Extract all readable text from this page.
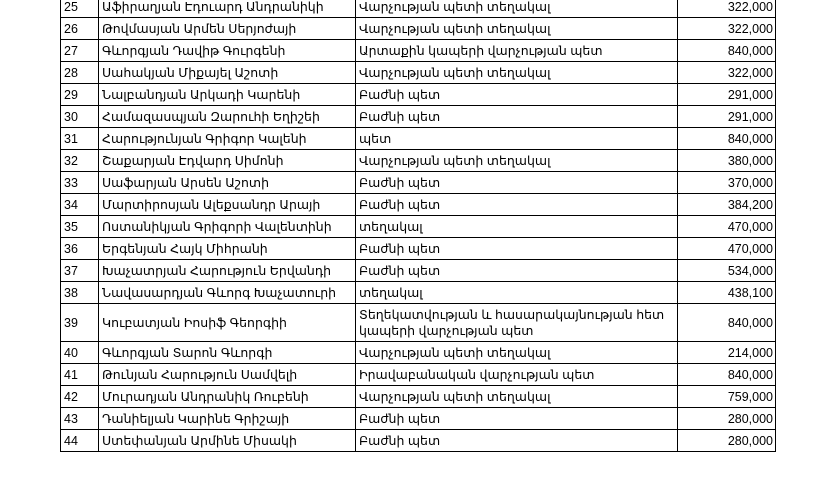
25	Աֆիրաղյան Էդուարդ Անդրանիկի	Վարչության պետի տեղակալ	322,000
26	Թովմասյան Արմեն Սերյոժայի	Վարչության պետի տեղակալ	322,000
27	Գևորգյան Դավիթ Գուրգենի	Արտաքին կապերի վարչության պետ	840,000
28	Սահակյան Միքայել Աշոտի	Վարչության պետի տեղակալ	322,000
29	Նալբանդյան Արկադի Կարենի	Բաժնի պետ	291,000
30	Համազասպյան Զարուհի Եղիշեի	Բաժնի պետ	291,000
31	Հարությունյան Գրիգոր Կալենի	պետ	840,000
32	Շաքարյան Էդվարդ Սիմոնի	Վարչության պետի տեղակալ	380,000
33	Սաֆարյան Արսեն Աշոտի	Բաժնի պետ	370,000
34	Մարտիրոսյան Ալեքսանդր Արայի	Բաժնի պետ	384,200
35	Ոստանիկյան Գրիգորի Վալենտինի	տեղակալ	470,000
36	Երգենյան Հայկ Միհրանի	Բաժնի պետ	470,000
37	Խաչատրյան Հարություն Երվանդի	Բաժնի պետ	534,000
38	Նավասարդյան Գևորգ Խաչատուրի	տեղակալ	438,100
39	Կուբատյան Իոսիֆ Գեորգիի	Տեղեկատվության և հասարակայնության հետ կապերի վարչության պետ	840,000
40	Գևորգյան Տարոն Գևորգի	Վարչության պետի տեղակալ	214,000
41	Թունյան Հարություն Սամվելի	Իրավաբանական վարչության պետ	840,000
42	Մուրադյան Անդրանիկ Ռուբենի	Վարչության պետի տեղակալ	759,000
43	Դանիելյան Կարինե Գրիշայի	Բաժնի պետ	280,000
44	Ստեփանյան Արմինե Միսակի	Բաժնի պետ	280,000
